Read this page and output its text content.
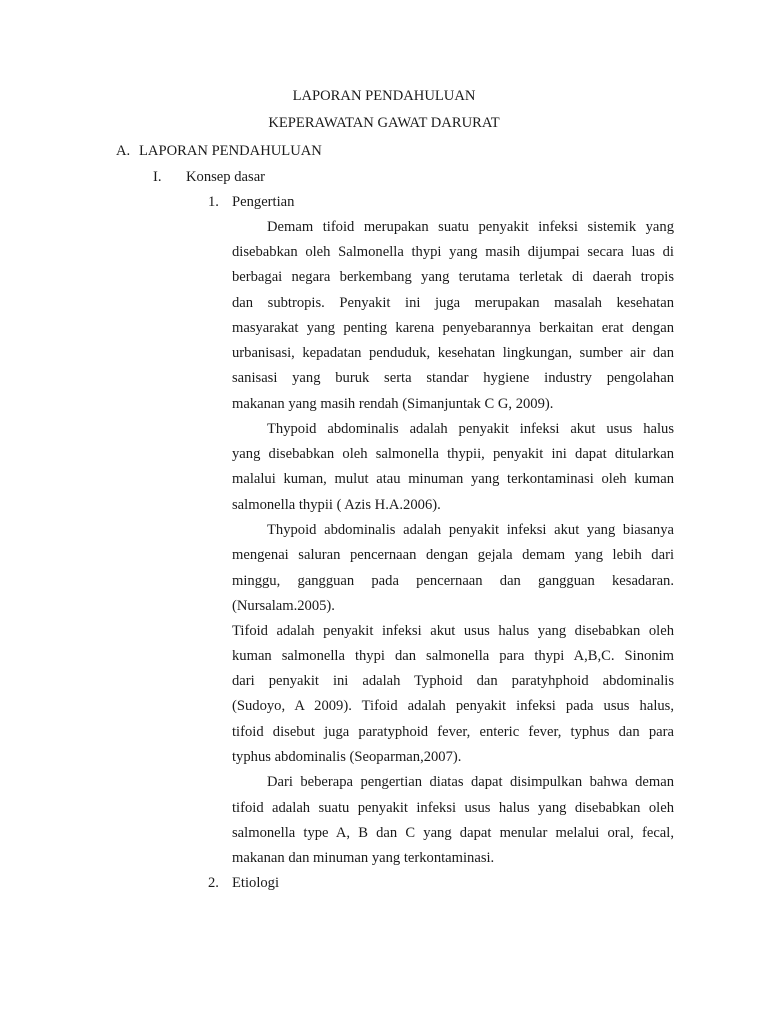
LAPORAN PENDAHULUAN
KEPERAWATAN GAWAT DARURAT
A. LAPORAN PENDAHULUAN
I. Konsep dasar
1. Pengertian
Demam tifoid merupakan suatu penyakit infeksi sistemik yang
disebabkan oleh Salmonella thypi yang masih dijumpai secara luas di
berbagai negara berkembang yang terutama terletak di daerah tropis
dan subtropis. Penyakit ini juga merupakan masalah kesehatan
masyarakat yang penting karena penyebarannya berkaitan erat dengan
urbanisasi, kepadatan penduduk, kesehatan lingkungan, sumber air dan
sanisasi yang buruk serta standar hygiene industry pengolahan
makanan yang masih rendah (Simanjuntak C G, 2009).
Thypoid abdominalis adalah penyakit infeksi akut usus halus
yang disebabkan oleh salmonella thypii, penyakit ini dapat ditularkan
malalui kuman, mulut atau minuman yang terkontaminasi oleh kuman
salmonella thypii ( Azis H.A.2006).
Thypoid abdominalis adalah penyakit infeksi akut yang biasanya
mengenai saluran pencernaan dengan gejala demam yang lebih dari
minggu, gangguan pada pencernaan dan gangguan kesadaran.
(Nursalam.2005).
Tifoid adalah penyakit infeksi akut usus halus yang disebabkan oleh
kuman salmonella thypi dan salmonella para thypi A,B,C. Sinonim
dari penyakit ini adalah Typhoid dan paratyhphoid abdominalis
(Sudoyo, A 2009). Tifoid adalah penyakit infeksi pada usus halus,
tifoid disebut juga paratyphoid fever, enteric fever, typhus dan para
typhus abdominalis (Seoparman,2007).
Dari beberapa pengertian diatas dapat disimpulkan bahwa deman
tifoid adalah suatu penyakit infeksi usus halus yang disebabkan oleh
salmonella type A, B dan C yang dapat menular melalui oral, fecal,
makanan dan minuman yang terkontaminasi.
2. Etiologi
